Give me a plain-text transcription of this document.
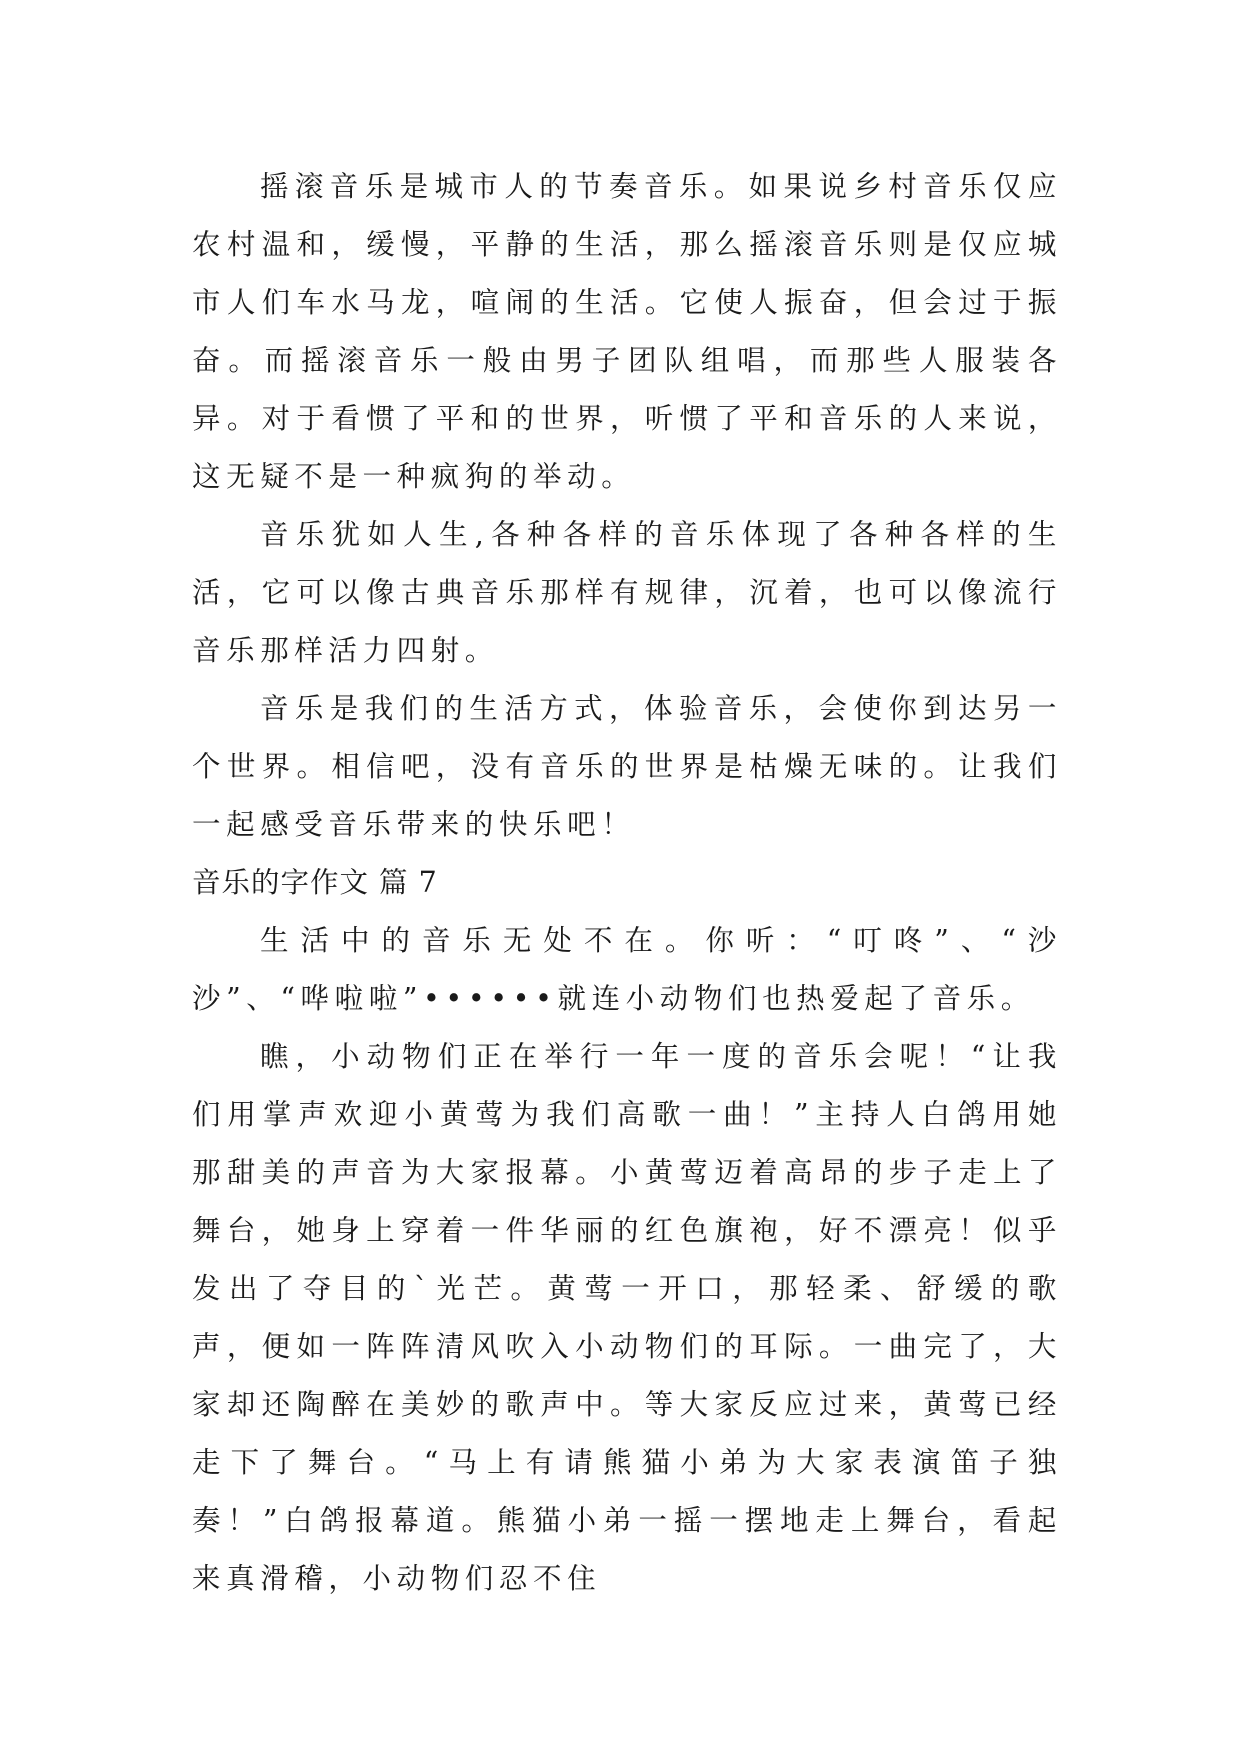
摇滚音乐是城市人的节奏音乐。如果说乡村音乐仅应农村温和，缓慢，平静的生活，那么摇滚音乐则是仅应城市人们车水马龙，喧闹的生活。它使人振奋，但会过于振奋。而摇滚音乐一般由男子团队组唱，而那些人服装各异。对于看惯了平和的世界，听惯了平和音乐的人来说，这无疑不是一种疯狗的举动。

音乐犹如人生,各种各样的音乐体现了各种各样的生活，它可以像古典音乐那样有规律，沉着，也可以像流行音乐那样活力四射。

音乐是我们的生活方式，体验音乐，会使你到达另一个世界。相信吧，没有音乐的世界是枯燥无味的。让我们一起感受音乐带来的快乐吧！

音乐的字作文 篇 7

生活中的音乐无处不在。你听：“叮咚”、“沙沙”、“哗啦啦”••••••就连小动物们也热爱起了音乐。

瞧，小动物们正在举行一年一度的音乐会呢！“让我们用掌声欢迎小黄莺为我们高歌一曲！”主持人白鸽用她那甜美的声音为大家报幕。小黄莺迈着高昂的步子走上了舞台，她身上穿着一件华丽的红色旗袍，好不漂亮！似乎发出了夺目的`光芒。黄莺一开口，那轻柔、舒缓的歌声，便如一阵阵清风吹入小动物们的耳际。一曲完了，大家却还陶醉在美妙的歌声中。等大家反应过来，黄莺已经走下了舞台。“马上有请熊猫小弟为大家表演笛子独奏！”白鸽报幕道。熊猫小弟一摇一摆地走上舞台，看起来真滑稽，小动物们忍不住
